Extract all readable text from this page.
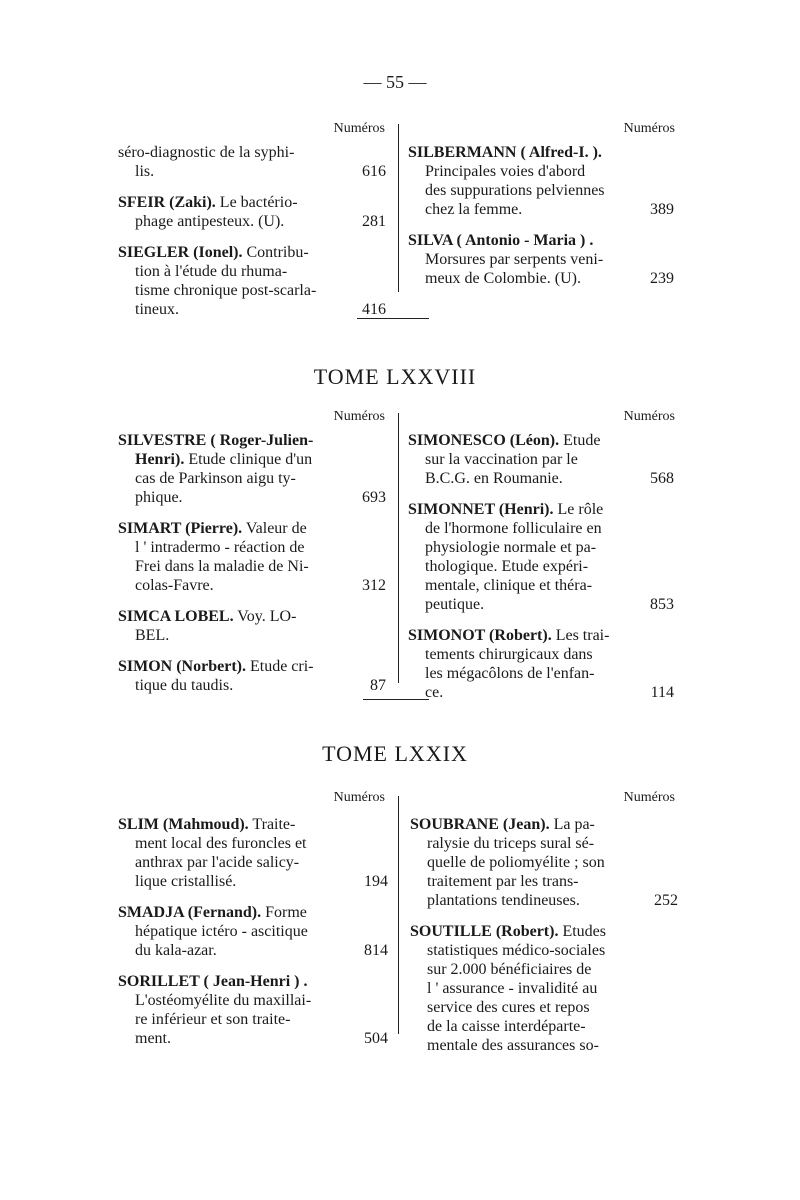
— 55 —
Numéros	Numéros
séro-diagnostic de la syphi-
lis.	616
SFEIR (Zaki). Le bactério-
phage antipesteux. (U).	281
SIEGLER (Ionel). Contribu-
tion à l'étude du rhuma-
tisme chronique post-scarla-
tineux.	416
SILBERMANN ( Alfred-I. ).
Principales voies d'abord
des suppurations pelviennes
chez la femme.	389
SILVA ( Antonio - Maria ) .
Morsures par serpents veni-
meux de Colombie. (U).	239
TOME LXXVIII
Numéros	Numéros
SILVESTRE ( Roger-Julien-
Henri). Etude clinique d'un
cas de Parkinson aigu ty-
phique.	693
SIMART (Pierre). Valeur de
l ' intradermo - réaction de
Frei dans la maladie de Ni-
colas-Favre.	312
SIMCA LOBEL. Voy. LO-
BEL.
SIMON (Norbert). Etude cri-
tique du taudis.	87
SIMONESCO (Léon). Etude
sur la vaccination par le
B.C.G. en Roumanie.	568
SIMONNET (Henri). Le rôle
de l'hormone folliculaire en
physiologie normale et pa-
thologique. Etude expéri-
mentale, clinique et théra-
peutique.	853
SIMONOT (Robert). Les trai-
tements chirurgicaux dans
les mégacôlons de l'enfan-
ce.	114
TOME LXXIX
Numéros	Numéros
SLIM (Mahmoud). Traite-
ment local des furoncles et
anthrax par l'acide salicy-
lique cristallisé.	194
SMADJA (Fernand). Forme
hépatique ictéro - ascitique
du kala-azar.	814
SORILLET ( Jean-Henri ) .
L'ostéomyélite du maxillai-
re inférieur et son traite-
ment.	504
SOUBRANE (Jean). La pa-
ralysie du triceps sural sé-
quelle de poliomyélite ; son
traitement par les trans-
plantations tendineuses.	252
SOUTILLE (Robert). Etudes
statistiques médico-sociales
sur 2.000 bénéficiaires de
l ' assurance - invalidité au
service des cures et repos
de la caisse interdéparte-
mentale des assurances so-
